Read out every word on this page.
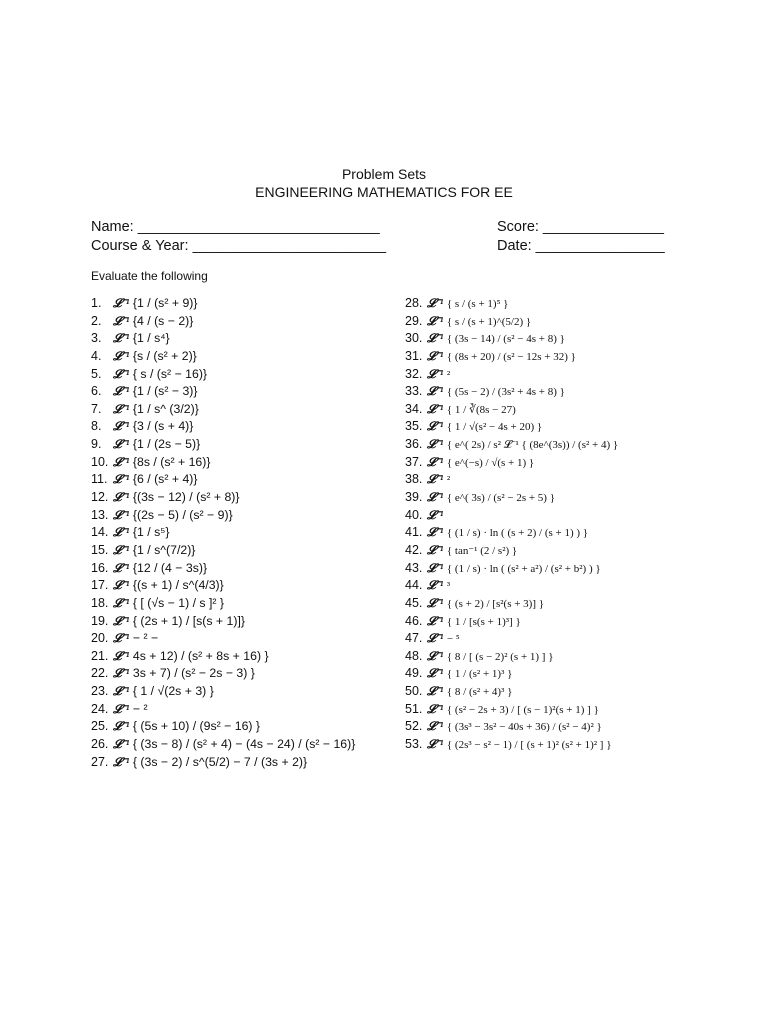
Problem Sets
ENGINEERING MATHEMATICS FOR EE
Name: ______________________________
Course & Year: ________________________
Score: _______________
Date: ________________
Evaluate the following
1. 𝓛⁻¹ {1 / (s² + 9)}
2. 𝓛⁻¹ {4 / (s − 2)}
3. 𝓛⁻¹ {1 / s⁴}
4. 𝓛⁻¹ {s / (s² + 2)}
5. 𝓛⁻¹ { s / (s² − 16)}
6. 𝓛⁻¹ {1 / (s² − 3)}
7. 𝓛⁻¹ {1 / s^ (3/2)}
8. 𝓛⁻¹ {3 / (s + 4)}
9. 𝓛⁻¹ {1 / (2s − 5)}
10. 𝓛⁻¹ {8s / (s² + 16)}
11. 𝓛⁻¹ {6 / (s² + 4)}
12. 𝓛⁻¹ {(3s − 12) / (s² + 8)}
13. 𝓛⁻¹ {(2s − 5) / (s² − 9)}
14. 𝓛⁻¹ {1 / s⁵}
15. 𝓛⁻¹ {1 / s^(7/2)}
16. 𝓛⁻¹ {12 / (4 − 3s)}
17. 𝓛⁻¹ {(s + 1) / s^(4/3)}
18. 𝓛⁻¹ { [ (√s − 1) / s ]² }
19. 𝓛⁻¹ { (2s + 1) / [s(s + 1)]}
20. 𝓛⁻¹ − ² −
21. 𝓛⁻¹ 4s + 12) / (s² + 8s + 16) }
22. 𝓛⁻¹ 3s + 7) / (s² − 2s − 3) }
23. 𝓛⁻¹ { 1 / √(2s + 3) }
24. 𝓛⁻¹ − ²
25. 𝓛⁻¹ { (5s + 10) / (9s² − 16) }
26. 𝓛⁻¹ { (3s − 8) / (s² + 4) − (4s − 24) / (s² − 16)}
27. 𝓛⁻¹ { (3s − 2) / s^(5/2) − 7 / (3s + 2)}
28. 𝓛⁻¹ { s / (s + 1)⁵ }
29. 𝓛⁻¹ { s / (s + 1)^(5/2) }
30. 𝓛⁻¹ { (3s − 14) / (s² − 4s + 8) }
31. 𝓛⁻¹ { (8s + 20) / (s² − 12s + 32) }
32. 𝓛⁻¹ ²
33. 𝓛⁻¹ { (5s − 2) / (3s² + 4s + 8) }
34. 𝓛⁻¹ { 1 / ∛(8s − 27)
35. 𝓛⁻¹ { 1 / √(s² − 4s + 20) }
36. 𝓛⁻¹ { e^( 2s) / s² 𝓛⁻¹ { (8e^(3s)) / (s² + 4) }
37. 𝓛⁻¹ { e^(−s) / √(s + 1) }
38. 𝓛⁻¹ ²
39. 𝓛⁻¹ { e^( 3s) / (s² − 2s + 5) }
40. 𝓛⁻¹
41. 𝓛⁻¹ { (1 / s) · ln ( (s + 2) / (s + 1) ) }
42. 𝓛⁻¹ { tan⁻¹ (2 / s²) }
43. 𝓛⁻¹ { (1 / s) · ln ( (s² + a²) / (s² + b²) ) }
44. 𝓛⁻¹ ³
45. 𝓛⁻¹ { (s + 2) / [s²(s + 3)] }
46. 𝓛⁻¹ { 1 / [s(s + 1)³] }
47. 𝓛⁻¹ − ⁵
48. 𝓛⁻¹ { 8 / [ (s − 2)² (s + 1) ] }
49. 𝓛⁻¹ { 1 / (s² + 1)³ }
50. 𝓛⁻¹ { 8 / (s² + 4)³ }
51. 𝓛⁻¹ { (s² − 2s + 3) / [ (s − 1)²(s + 1) ] }
52. 𝓛⁻¹ { (3s³ − 3s² − 40s + 36) / (s² − 4)² }
53. 𝓛⁻¹ { (2s³ − s² − 1) / [ (s + 1)² (s² + 1)² ] }
